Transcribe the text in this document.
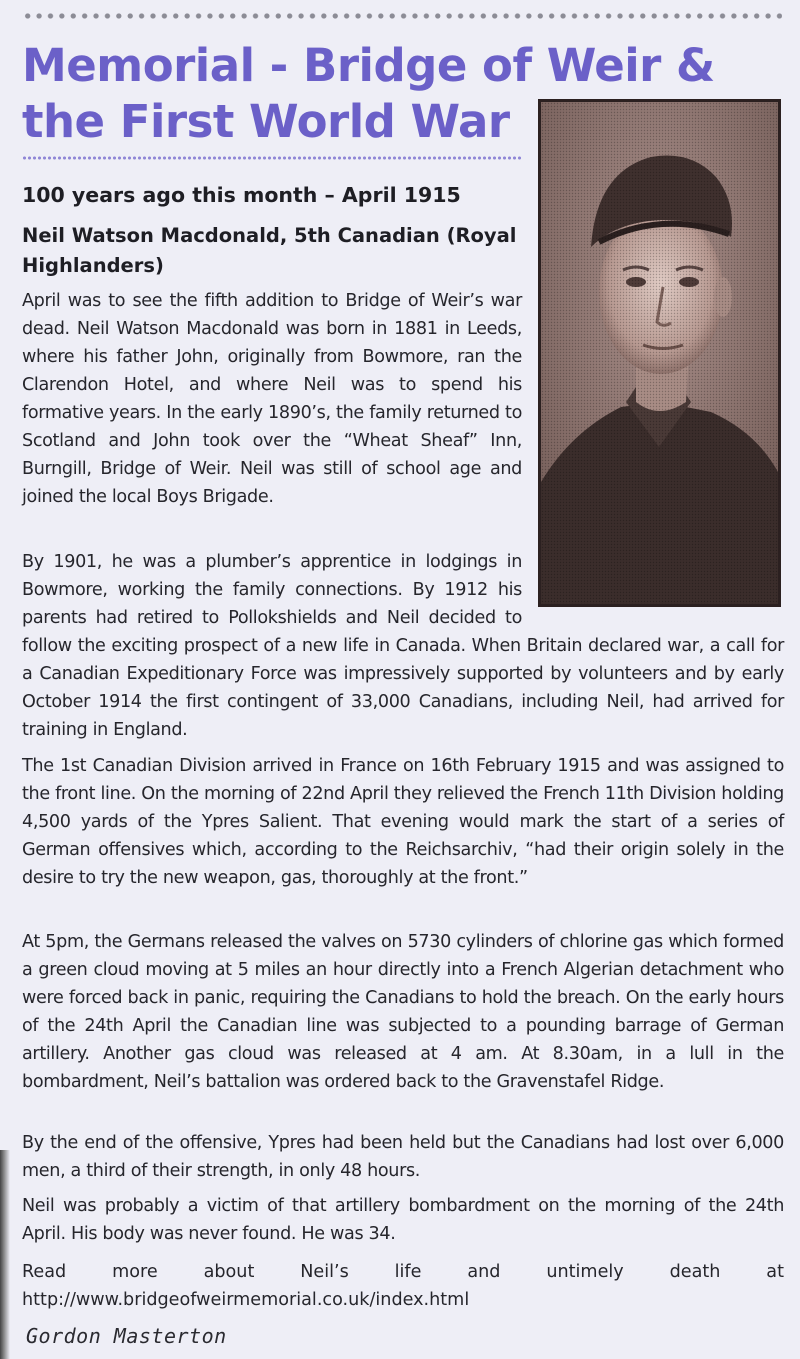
Memorial - Bridge of Weir & the First World War
100 years ago this month – April 1915
Neil Watson Macdonald, 5th Canadian (Royal Highlanders)

April was to see the fifth addition to Bridge of Weir’s war dead. Neil Watson Macdonald was born in 1881 in Leeds, where his father John, originally from Bowmore, ran the Clarendon Hotel, and where Neil was to spend his formative years. In the early 1890’s, the family returned to Scotland and John took over the “Wheat Sheaf” Inn, Burngill, Bridge of Weir. Neil was still of school age and joined the local Boys Brigade.

By 1901, he was a plumber’s apprentice in lodgings in Bowmore, working the family connections. By 1912 his parents had retired to Pollokshields and Neil decided to follow the exciting prospect of a new life in Canada. When Britain declared war, a call for a Canadian Expeditionary Force was impressively supported by volunteers and by early October 1914 the first contingent of 33,000 Canadians, including Neil, had arrived for training in England.

The 1st Canadian Division arrived in France on 16th February 1915 and was assigned to the front line. On the morning of 22nd April they relieved the French 11th Division holding 4,500 yards of the Ypres Salient. That evening would mark the start of a series of German offensives which, according to the Reichsarchiv, “had their origin solely in the desire to try the new weapon, gas, thoroughly at the front.”

At 5pm, the Germans released the valves on 5730 cylinders of chlorine gas which formed a green cloud moving at 5 miles an hour directly into a French Algerian detachment who were forced back in panic, requiring the Canadians to hold the breach. On the early hours of the 24th April the Canadian line was subjected to a pounding barrage of German artillery. Another gas cloud was released at 4 am. At 8.30am, in a lull in the bombardment, Neil’s battalion was ordered back to the Gravenstafel Ridge.

By the end of the offensive, Ypres had been held but the Canadians had lost over 6,000 men, a third of their strength, in only 48 hours.

Neil was probably a victim of that artillery bombardment on the morning of the 24th April. His body was never found. He was 34.

Read more about Neil’s life and untimely death at http://www.bridgeofweirmemorial.co.uk/index.html

Gordon Masterton
